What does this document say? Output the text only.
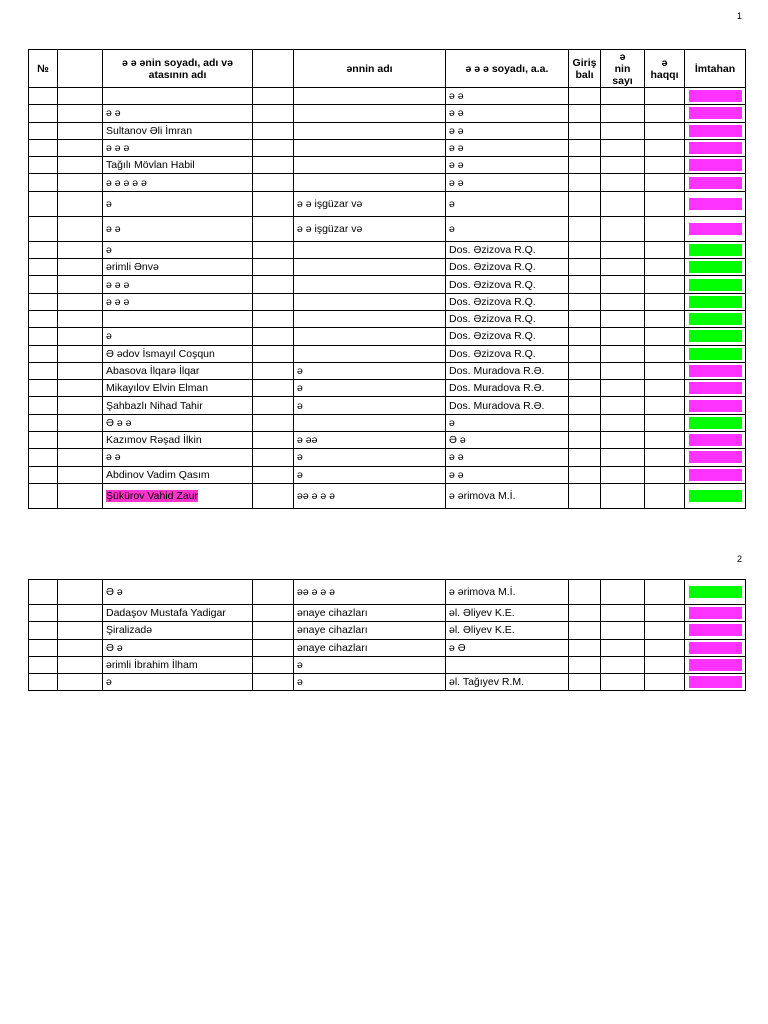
1
№		ə ə ənin soyadı, adı və atasının adı		ənnin adı	ə ə ə soyadı, a.a.	Giriş balı	ə
nin sayı	ə haqqı	İmtahan
					ə ə				

		ə ə			ə ə				

		Sultanov Əli İmran			ə ə				

		ə ə ə			ə ə				

		Tağılı Mövlan Habil			ə ə				

		ə ə ə ə ə			ə ə				

		ə		ə ə işgüzar və	ə				

		ə ə		ə ə işgüzar və	ə				

		ə			Dos. Əzizova R.Q.				

		ərimli Ənvə			Dos. Əzizova R.Q.				

		ə ə ə			Dos. Əzizova R.Q.				

		ə ə ə			Dos. Əzizova R.Q.				

					Dos. Əzizova R.Q.				

		ə			Dos. Əzizova R.Q.				

		Ə ədov İsmayıl Coşqun			Dos. Əzizova R.Q.				

		Abasova İlqarə İlqar		ə	Dos. Muradova R.Ə.				

		Mikayılov Elvin Elman		ə	Dos. Muradova R.Ə.				

		Şahbazlı Nihad Tahir		ə	Dos. Muradova R.Ə.				

		Ə ə ə			ə				

		Kazımov Rəşad İlkin		ə əə	Ə ə				

		ə ə		ə	ə ə				

		Abdinov Vadim Qasım		ə	ə ə				

		Şükürov Vahid Zaur		əə ə ə ə	ə ərimova M.İ.				
2
		Ə ə		əə ə ə ə	ə ərimova M.İ.				

		Dadaşov Mustafa Yadigar		ənaye cihazları	əl. Əliyev K.E.				

		Şiralizadə		ənaye cihazları	əl. Əliyev K.E.				

		Ə ə		ənaye cihazları	ə Ə				

		ərimli İbrahim İlham		ə					

		ə		ə	əl. Tağıyev R.M.				
